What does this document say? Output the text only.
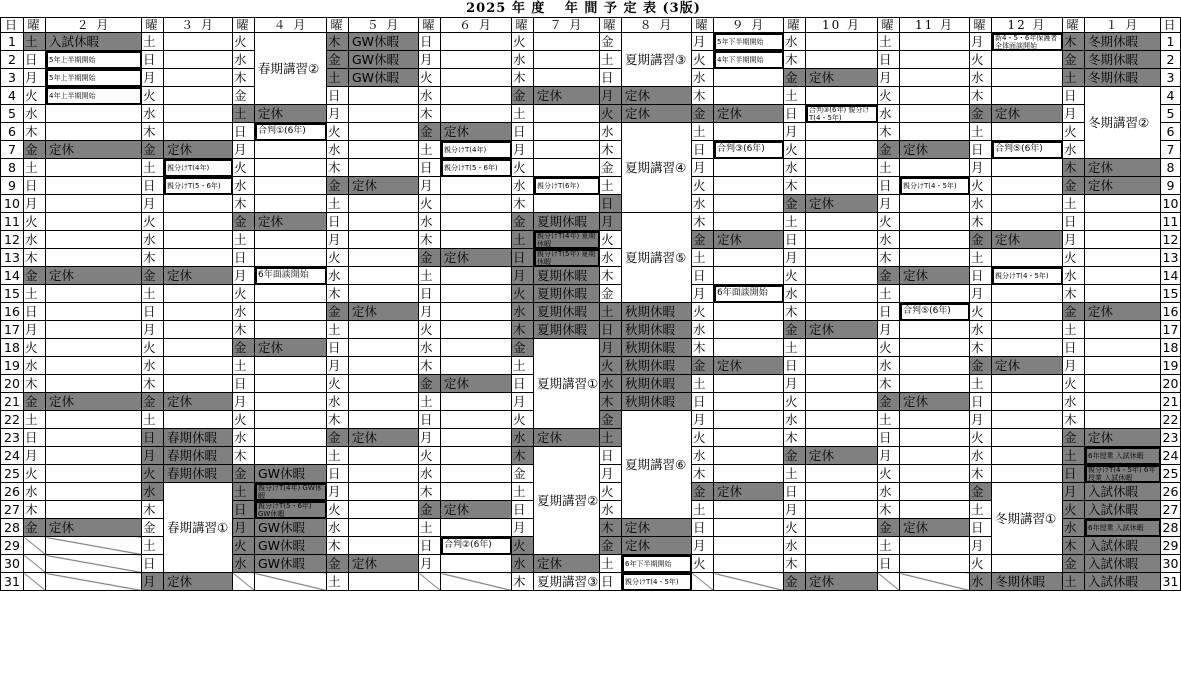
2025 年 度　 年 間 予 定 表 (3版)
日	曜	２ 月	曜	３ 月	曜	４ 月	曜	５ 月	曜	６ 月	曜	７ 月	曜	８ 月	曜	９ 月	曜	10 月	曜	11 月	曜	12 月	曜	１ 月	日
1	土	入試休暇	土		火	春期講習②	木	GW休暇	日		火		金	夏期講習③	月	5年下半期開始	水		土		月	新4・5・6年保護者 全体面談開始	木	冬期休暇	1
2	日	5年上半期開始	日		水		金	GW休暇	月		水		土		火	4年下半期開始	木		日		火		金	冬期休暇	2
3	月	5年上半期開始	月		木		土	GW休暇	火		木		日		水		金	定休	月		水		土	冬期休暇	3
4	火	4年上半期開始	火		金		日		水		金	定休	月	定休	木		土		火		木		日	冬期講習②	4
5	水		水		土	定休	月		木		土		火	定休	金	定休	日	合判③(6年) 親分けT(4・5年)	水		金	定休	月		5
6	木		木		日	合判①(6年)	火		金	定休	日		水	夏期講習④	土		月		木		土		火		6
7	金	定休	金	定休	月		水		土	親分けT(4年)	月		木		日	合判③(6年)	火		金	定休	日	合判⑤(6年)	水		7
8	土		土	親分けT(4年)	火		木		日	親分けT(5・6年)	火		金		月		水		土		月		木	定休	8
9	日		日	親分けT(5・6年)	水		金	定休	月		水	親分けT(6年)	土		火		木		日	親分けT(4・5年)	火		金	定休	9
10	月		月		木		土		火		木		日		水		金	定休	月		水		土		10
11	火		火		金	定休	日		水		金	夏期休暇	月	夏期講習⑤	木		土		火		木		日		11
12	水		水		土		月		木		土	親分けT(4年) 夏期休暇	火		金	定休	日		水		金	定休	月		12
13	木		木		日		火		金	定休	日	親分けT(5年) 夏期休暇	水		土		月		木		土		火		13
14	金	定休	金	定休	月	6年面談開始	水		土		月	夏期休暇	木		日		火		金	定休	日	親分けT(4・5年)	水		14
15	土		土		火		木		日		火	夏期休暇	金		月	6年面談開始	水		土		月		木		15
16	日		日		水		金	定休	月		水	夏期休暇	土	秋期休暇	火		木		日	合判⑤(6年)	火		金	定休	16
17	月		月		木		土		火		木	夏期休暇	日	秋期休暇	水		金	定休	月		水		土		17
18	火		火		金	定休	日		水		金	夏期講習①	月	秋期休暇	木		土		火		木		日		18
19	水		水		土		月		木		土		火	秋期休暇	金	定休	日		水		金	定休	月		19
20	木		木		日		火		金	定休	日		水	秋期休暇	土		月		木		土		火		20
21	金	定休	金	定休	月		水		土		月		木	秋期休暇	日		火		金	定休	日		水		21
22	土		土		火		木		日		火		金	夏期講習⑥	月		水		土		月		木		22
23	日		日	春期休暇	水		金	定休	月		水	定休	土		火		木		日		火		金	定休	23
24	月		月	春期休暇	木		土		火		木	夏期講習②	日		水		金	定休	月		水		土	6年授業 入試休暇	24
25	火		火	春期休暇	金	GW休暇	日		水		金		月		木		土		火		木		日	親分けT(4・5年) 6年授業 入試休暇	25
26	水		水	春期講習①	土	親分けT(4年) GW休暇	月		木		土		火		金	定休	日		水		金	冬期講習①	月	入試休暇	26
27	木		木		日	親分けT(5・6年) GW休暇	火		金	定休	日		水		土		月		木		土		火	入試休暇	27
28	金	定休	金		月	GW休暇	水		土		月		木	定休	日		火		金	定休	日		水	6年授業 入試休暇	28
29			土		火	GW休暇	木		日	合判②(6年)	火		金	定休	月		水		土		月		木	入試休暇	29
30			日		水	GW休暇	金	定休	月		水	定休	土	6年下半期開始	火		木		日		火		金	入試休暇	30
31			月	定休			土				木	夏期講習③	日	親分けT(4・5年)			金	定休			水	冬期休暇	土	入試休暇	31
